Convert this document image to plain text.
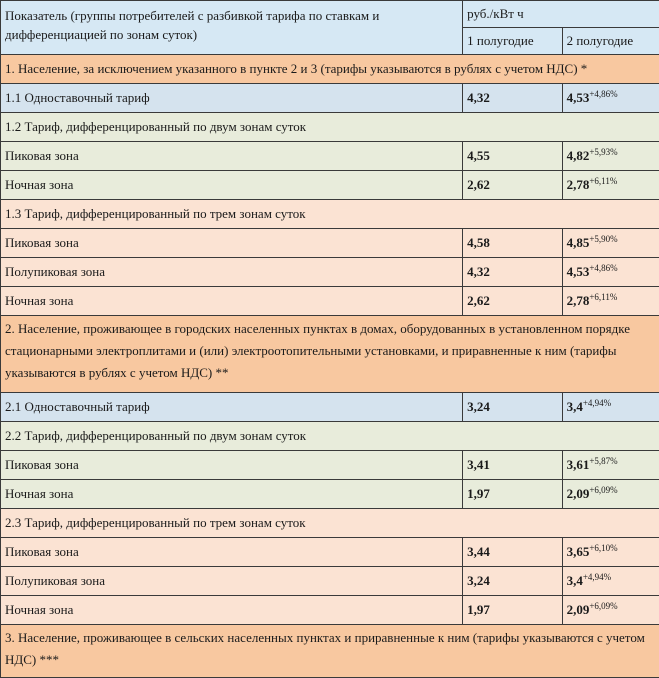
Показатель (группы потребителей с разбивкой тарифа по ставкам и дифференциацией по зонам суток)	руб./кВт ч	
	1 полугодие	2 полугодие
1. Население, за исключением указанного в пункте 2 и 3 (тарифы указываются в рублях с учетом НДС) *		
1.1 Одноставочный тариф	4,32	$4,53^{+4,86\%}$
1.2 Тариф, дифференцированный по двум зонам суток		
Пиковая зона	4,55	$4,82^{+5,93\%}$
Ночная зона	2,62	$2,78^{+6,11\%}$
1.3 Тариф, дифференцированный по трем зонам суток		
Пиковая зона	4,58	$4,85^{+5,90\%}$
Полупиковая зона	4,32	$4,53^{+4,86\%}$
Ночная зона	2,62	$2,78^{+6,11\%}$
2. Население, проживающее в городских населенных пунктах в домах, оборудованных в установленном порядке стационарными электроплитами и (или) электроотопительными установками, и приравненные к ним (тарифы указываются в рублях с учетом НДС) **		
2.1 Одноставочный тариф	3,24	$3,4^{+4,94\%}$
2.2 Тариф, дифференцированный по двум зонам суток		
Пиковая зона	3,41	$3,61^{+5,87\%}$
Ночная зона	1,97	$2,09^{+6,09\%}$
2.3 Тариф, дифференцированный по трем зонам суток		
Пиковая зона	3,44	$3,65^{+6,10\%}$
Полупиковая зона	3,24	$3,4^{+4,94\%}$
Ночная зона	1,97	$2,09^{+6,09\%}$
3. Население, проживающее в сельских населенных пунктах и приравненные к ним (тарифы указываются с учетом НДС) ***		
